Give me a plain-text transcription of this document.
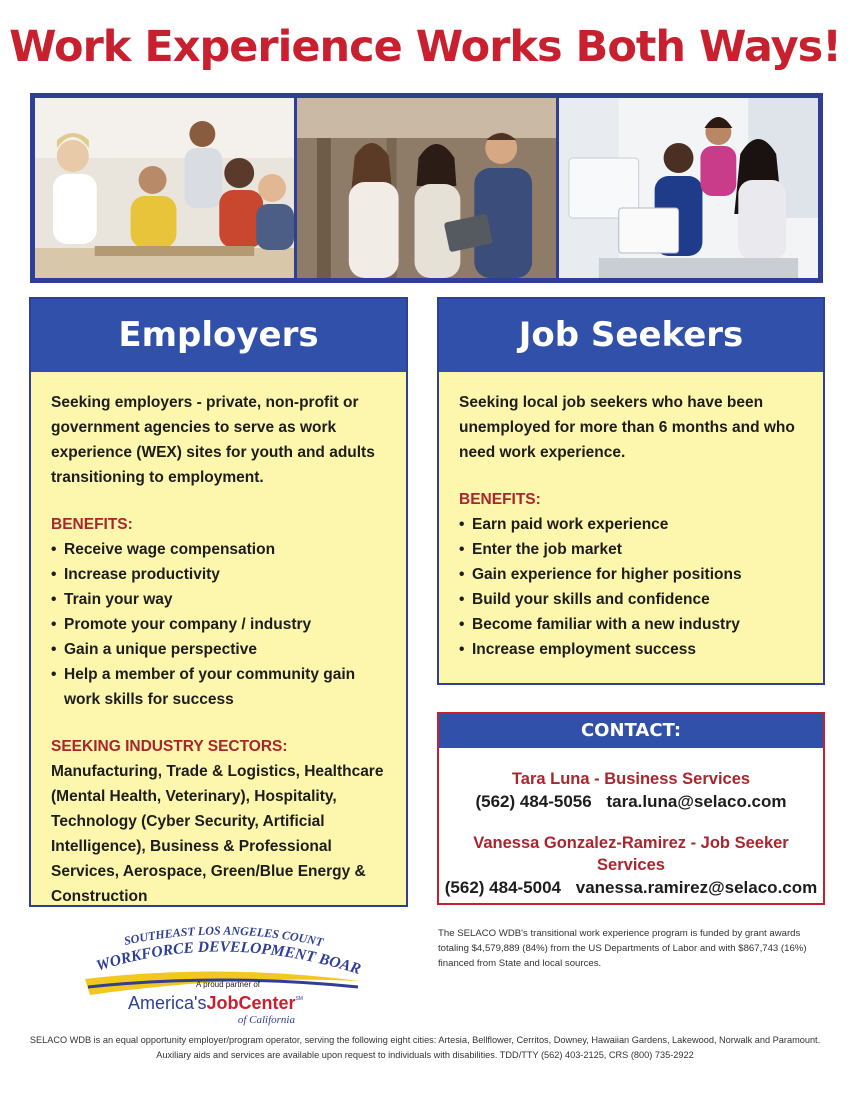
Work Experience Works Both Ways!
Employers
Seeking employers - private, non-profit or government agencies to serve as work experience (WEX) sites for youth and adults transitioning to employment.
BENEFITS:
• Receive wage compensation
• Increase productivity
• Train your way
• Promote your company / industry
• Gain a unique perspective
• Help a member of your community gain work skills for success
SEEKING INDUSTRY SECTORS:
Manufacturing, Trade & Logistics, Healthcare (Mental Health, Veterinary), Hospitality, Technology (Cyber Security, Artificial Intelligence), Business & Professional Services, Aerospace, Green/Blue Energy & Construction
Job Seekers
Seeking local job seekers who have been unemployed for more than 6 months and who need work experience.
BENEFITS:
• Earn paid work experience
• Enter the job market
• Gain experience for higher positions
• Build your skills and confidence
• Become familiar with a new industry
• Increase employment success
CONTACT:
Tara Luna - Business Services
(562) 484-5056 tara.luna@selaco.com
Vanessa Gonzalez-Ramirez - Job Seeker Services
(562) 484-5004 vanessa.ramirez@selaco.com
SOUTHEAST LOS ANGELES COUNT
WORKFORCE DEVELOPMENT BOAR
A proud partner of
America'sJobCenter℠
of California
The SELACO WDB's transitional work experience program is funded by grant awards totaling $4,579,889 (84%) from the US Departments of Labor and with $867,743 (16%) financed from State and local sources.
SELACO WDB is an equal opportunity employer/program operator, serving the following eight cities: Artesia, Bellflower, Cerritos, Downey, Hawaiian Gardens, Lakewood, Norwalk and Paramount.
Auxiliary aids and services are available upon request to individuals with disabilities. TDD/TTY (562) 403-2125, CRS (800) 735-2922
